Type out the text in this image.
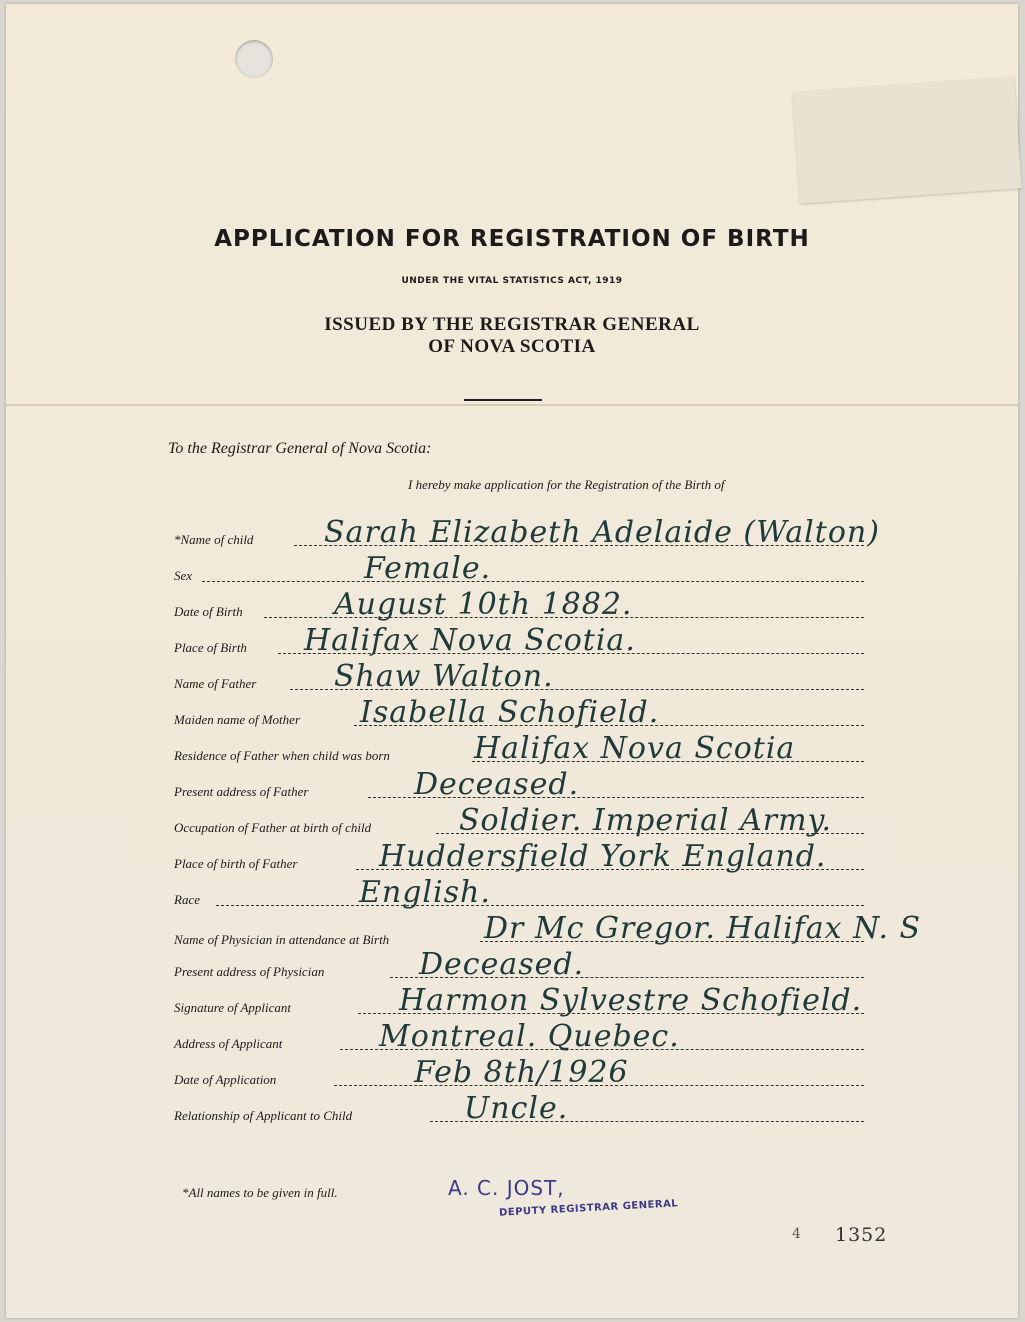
APPLICATION FOR REGISTRATION OF BIRTH
UNDER THE VITAL STATISTICS ACT, 1919
ISSUED BY THE REGISTRAR GENERAL
OF NOVA SCOTIA
To the Registrar General of Nova Scotia:
I hereby make application for the Registration of the Birth of
*Name of child Sarah Elizabeth Adelaide (Walton)
Sex	Female.
Date of Birth	August 10th 1882.
Place of Birth Halifax Nova Scotia.
Name of Father	Shaw Walton.
Maiden name of Mother Isabella Schofield.
Residence of Father when child was born	Halifax Nova Scotia
Present address of Father	Deceased.
Occupation of Father at birth of child	Soldier. Imperial Army.
Place of birth of Father	Huddersfield York England.
Race	English.
Name of Physician in attendance at Birth	Dr Mc Gregor. Halifax N. S
Present address of Physician	Deceased.
Signature of Applicant	Harmon Sylvestre Schofield.
Address of Applicant	Montreal. Quebec.
Date of Application	Feb 8th/1926
Relationship of Applicant to Child	Uncle.
*All names to be given in full.	A. C. JOST,
DEPUTY REGISTRAR GENERAL
4 1352
